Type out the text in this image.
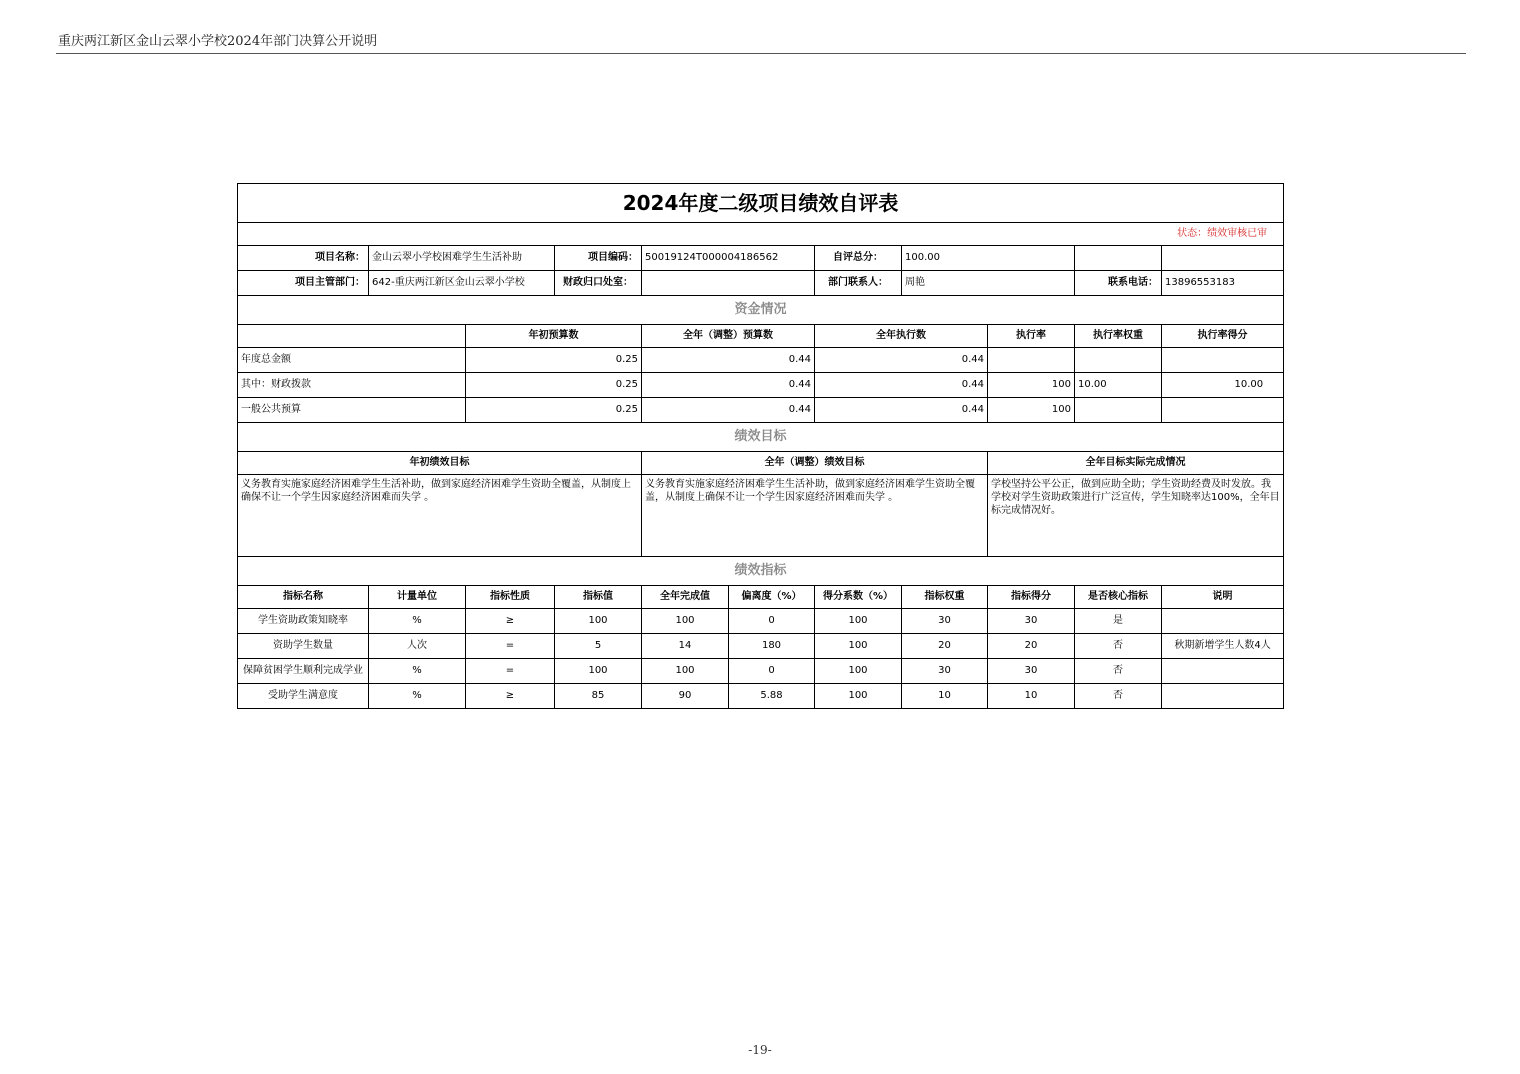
重庆两江新区金山云翠小学校2024年部门决算公开说明
2024年度二级项目绩效自评表										
状态：绩效审核已审										
项目名称：	金山云翠小学校困难学生生活补助		项目编码：	50019124T000004186562		自评总分：	100.00			
项目主管部门：	642-重庆两江新区金山云翠小学校		财政归口处室：			部门联系人：	周艳		联系电话：	13896553183
资金情况										
		年初预算数		全年（调整）预算数		全年执行数		执行率	执行率权重	执行率得分
年度总金额		0.25		0.44		0.44				
其中：财政拨款		0.25		0.44		0.44		100	10.00	10.00
一般公共预算		0.25		0.44		0.44		100		
绩效目标										
年初绩效目标				全年（调整）绩效目标				全年目标实际完成情况		
义务教育实施家庭经济困难学生生活补助，做到家庭经济困难学生资助全覆盖，从制度上确保不让一个学生因家庭经济困难而失学 。				义务教育实施家庭经济困难学生生活补助，做到家庭经济困难学生资助全覆盖，从制度上确保不让一个学生因家庭经济困难而失学 。				学校坚持公平公正，做到应助全助；学生资助经费及时发放。我学校对学生资助政策进行广泛宣传，学生知晓率达100%，全年目标完成情况好。		
绩效指标										
指标名称	计量单位	指标性质	指标值	全年完成值	偏离度（%）	得分系数（%）	指标权重	指标得分	是否核心指标	说明
学生资助政策知晓率	%	≥	100	100	0	100	30	30	是	
资助学生数量	人次	=	5	14	180	100	20	20	否	秋期新增学生人数4人
保障贫困学生顺利完成学业	%	=	100	100	0	100	30	30	否	
受助学生满意度	%	≥	85	90	5.88	100	10	10	否	
-19-
